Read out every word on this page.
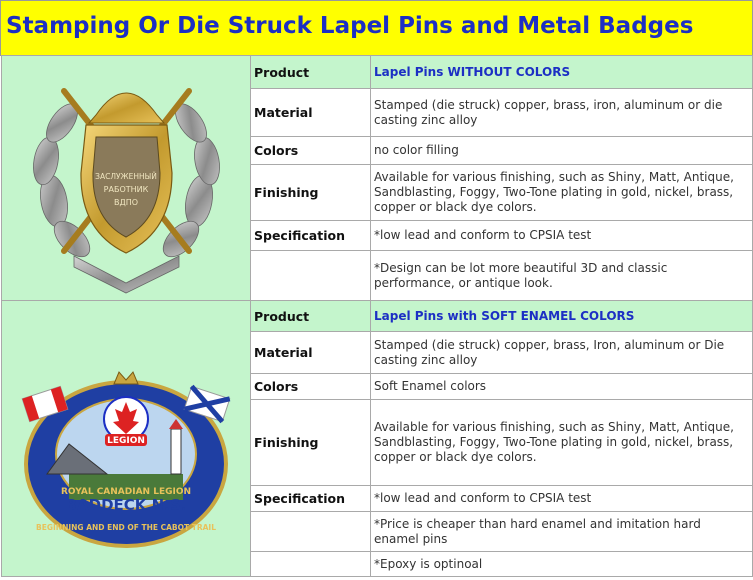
Stamping Or Die Struck Lapel Pins and Metal Badges
ЗАСЛУЖЕННЫЙ
РАБОТНИК
ВДПО	Product	Lapel Pins WITHOUT COLORS
	Material	Stamped (die struck) copper, brass, iron, aluminum or die casting zinc alloy
	Colors	no color filling
	Finishing	Available for various finishing, such as Shiny, Matt, Antique, Sandblasting, Foggy, Two-Tone plating in gold, nickel, brass, copper or black dye colors.
	Specification	*low lead and conform to CPSIA test
		*Design can be lot more beautiful 3D and classic performance, or antique look.

LEGION
ROYAL CANADIAN LEGION
BADDECK N.S.
BEGINNING AND END OF THE CABOT TRAIL	Product	Lapel Pins with SOFT ENAMEL COLORS
	Material	Stamped (die struck) copper, brass, Iron, aluminum or Die casting zinc alloy
	Colors	Soft Enamel colors
	Finishing	Available for various finishing, such as Shiny, Matt, Antique, Sandblasting, Foggy, Two-Tone plating in gold, nickel, brass, copper or black dye colors.
	Specification	*low lead and conform to CPSIA test
		*Price is cheaper than hard enamel and imitation hard enamel pins
		*Epoxy is optinoal
